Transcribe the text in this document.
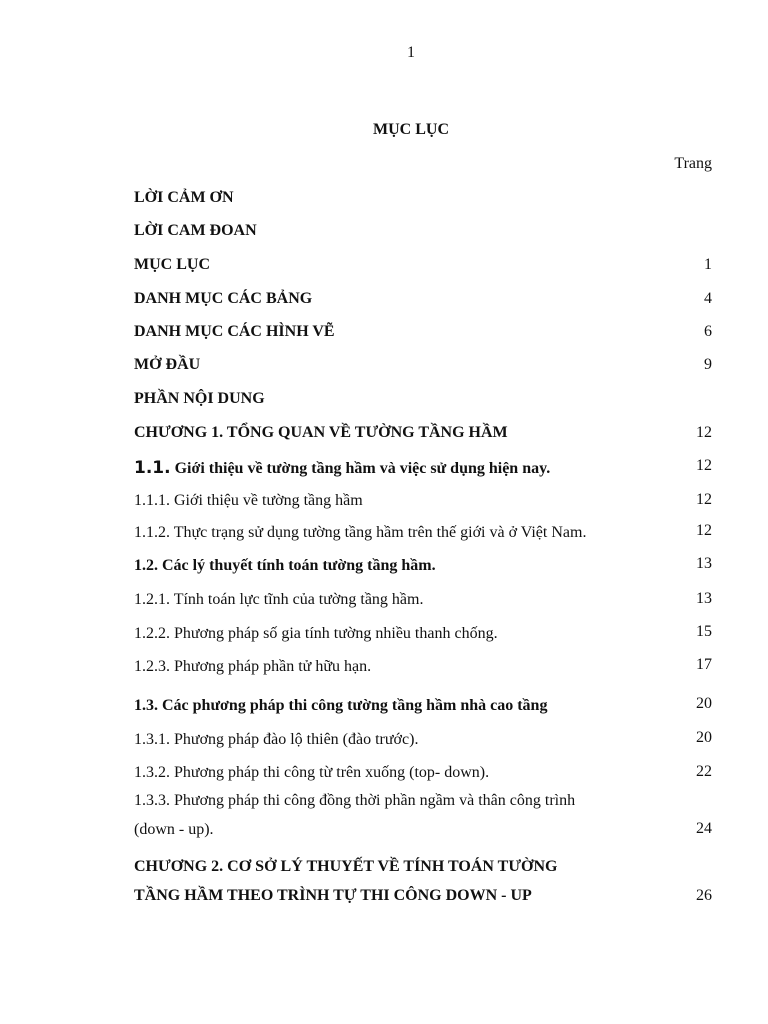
1
MỤC LỤC
Trang
LỜI CẢM ƠN
LỜI CAM ĐOAN
MỤC LỤC	1
DANH MỤC CÁC BẢNG	4
DANH MỤC CÁC HÌNH VẼ	6
MỞ ĐẦU	9
PHẦN NỘI DUNG
CHƯƠNG 1. TỔNG QUAN VỀ TƯỜNG TẦNG HẦM	12
1.1. Giới thiệu về tường tầng hầm và việc sử dụng hiện nay.	12
1.1.1. Giới thiệu về tường tầng hầm	12
1.1.2. Thực trạng sử dụng tường tầng hầm trên thế giới và ở Việt Nam.	12
1.2. Các lý thuyết tính toán tường tầng hầm.	13
1.2.1. Tính toán lực tĩnh của tường tầng hầm.	13
1.2.2. Phương pháp số gia tính tường nhiều thanh chống.	15
1.2.3. Phương pháp phần tử hữu hạn.	17
1.3. Các phương pháp thi công tường tầng hầm nhà cao tầng	20
1.3.1. Phương pháp đào lộ thiên (đào trước).	20
1.3.2. Phương pháp thi công từ trên xuống (top- down).	22
1.3.3. Phương pháp thi công đồng thời phần ngầm và thân công trình
(down - up).	24
CHƯƠNG 2. CƠ SỞ LÝ THUYẾT VỀ TÍNH TOÁN TƯỜNG
TẦNG HẦM THEO TRÌNH TỰ THI CÔNG DOWN - UP	26
